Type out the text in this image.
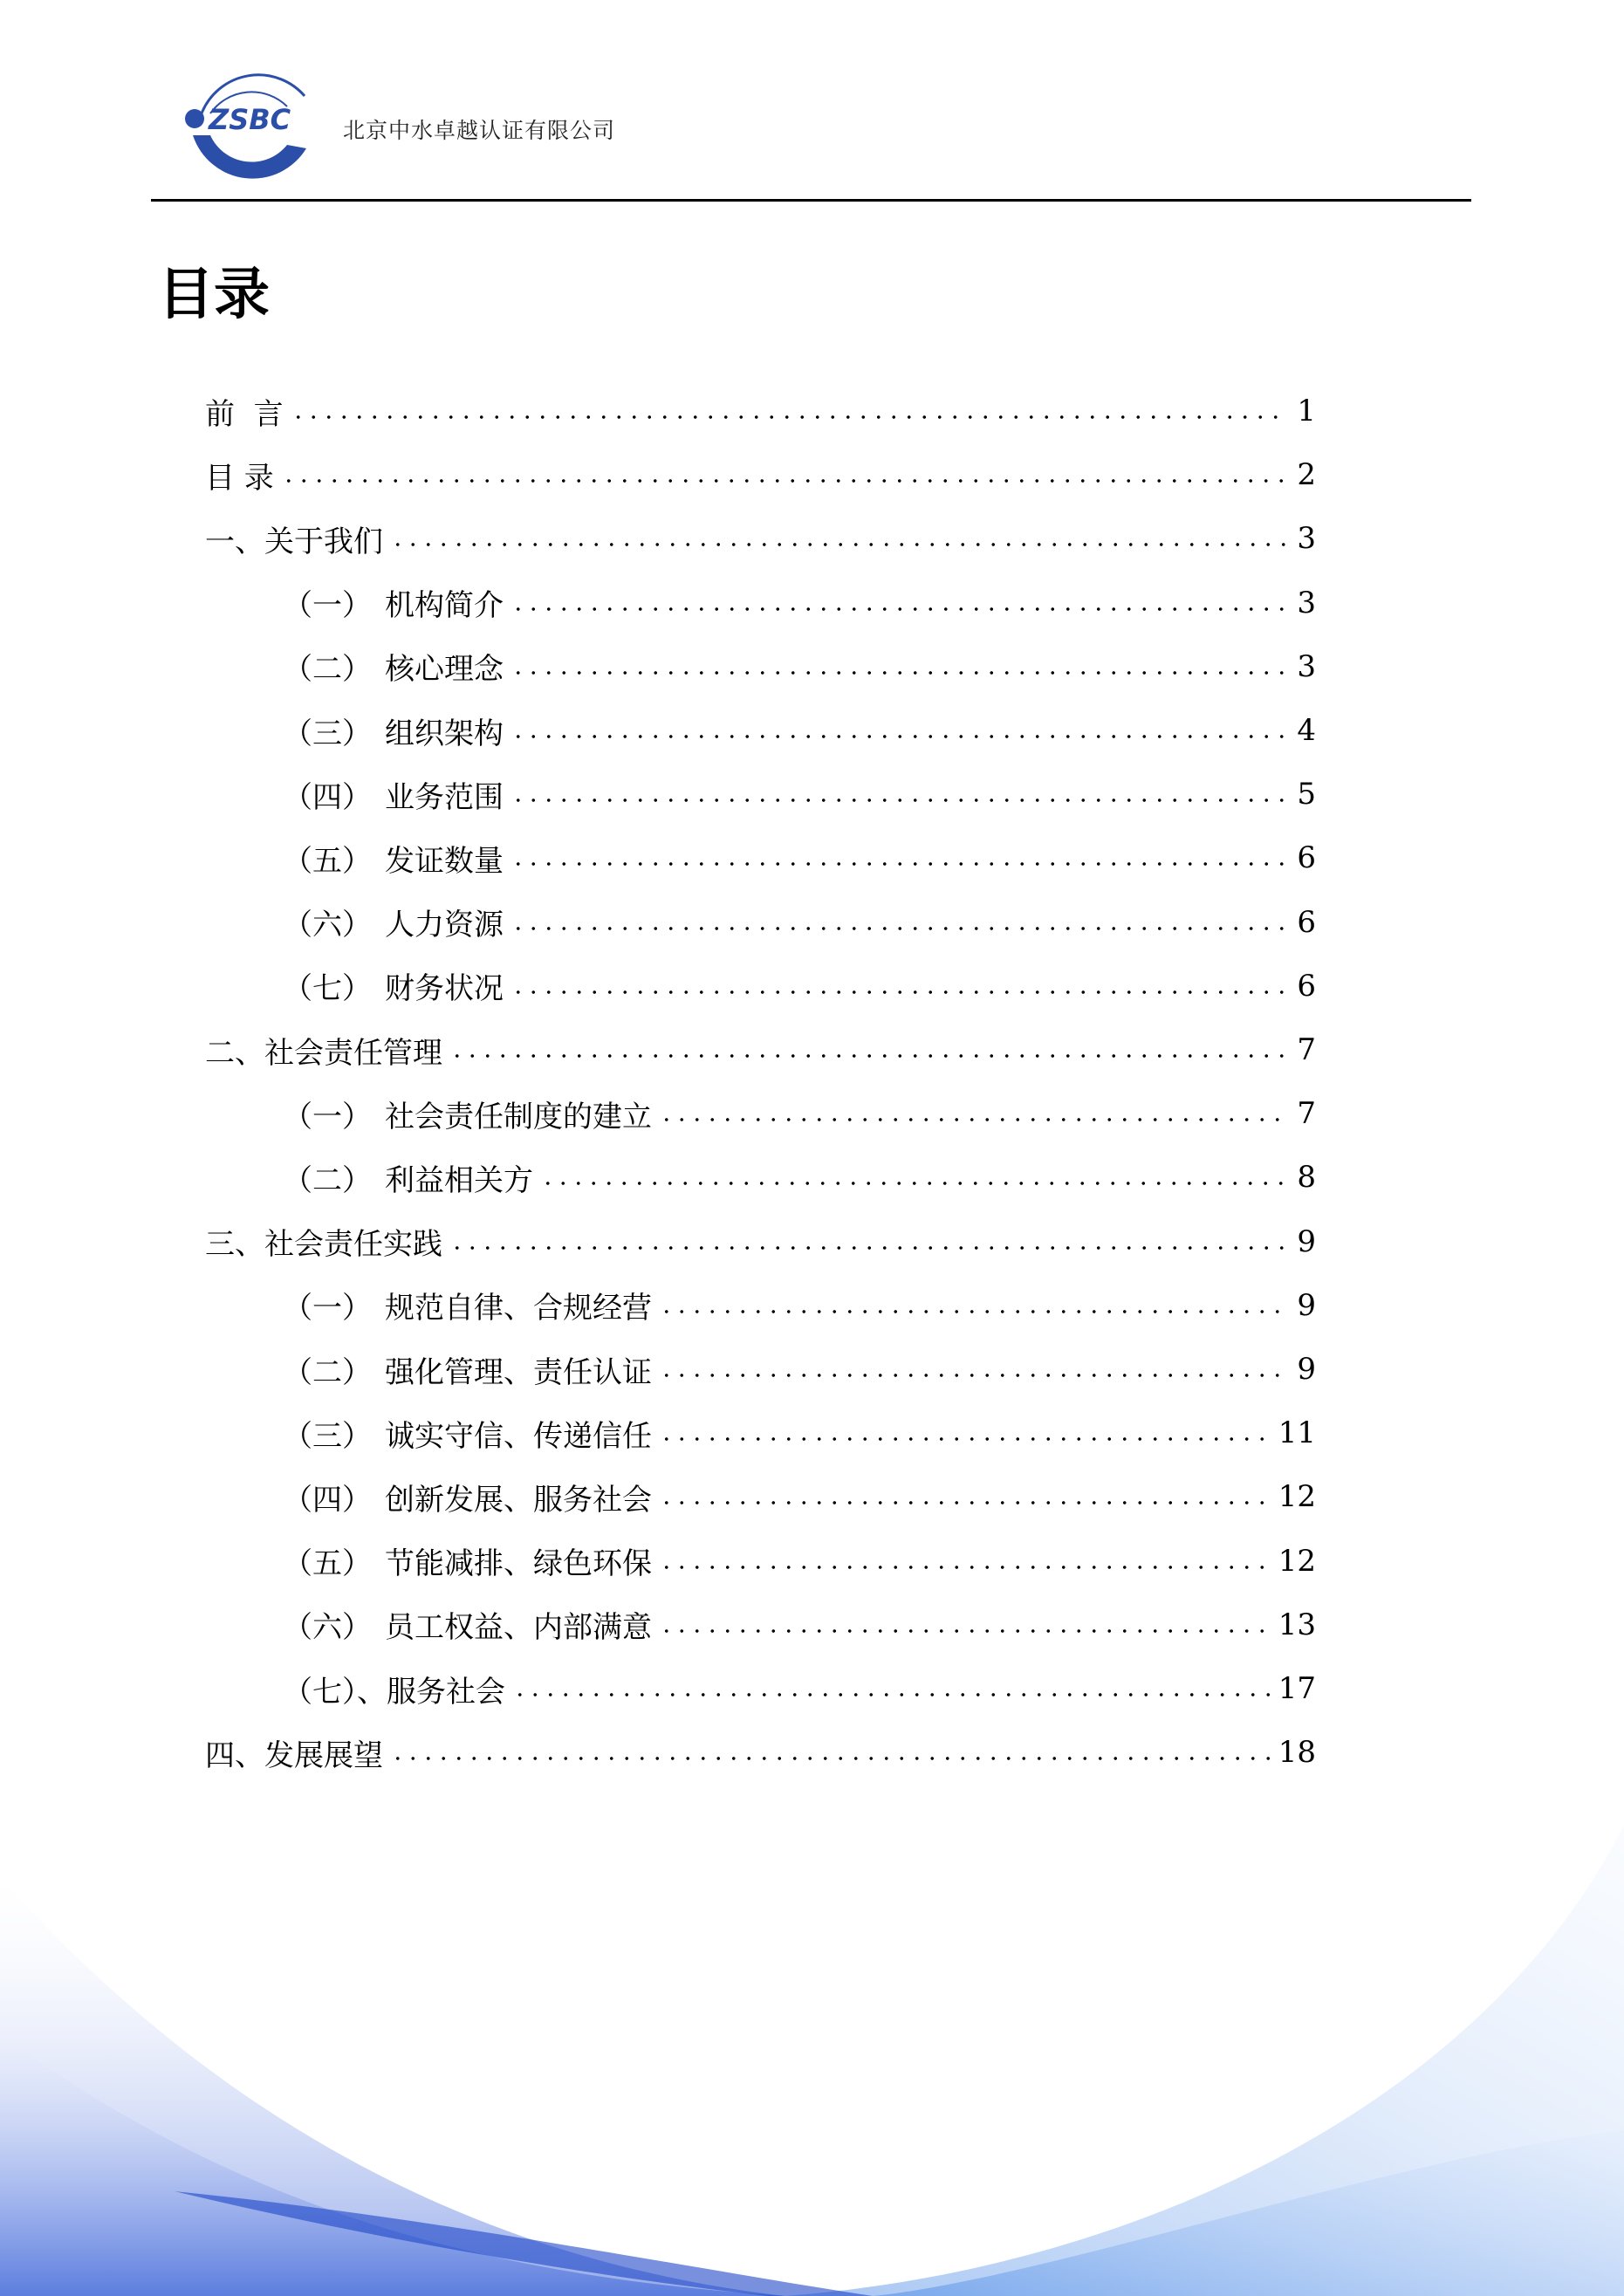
ZSBC 北京中水卓越认证有限公司
目录
前  言	1
目 录	2
一、关于我们	3
（一） 机构简介	3
（二） 核心理念	3
（三） 组织架构	4
（四） 业务范围	5
（五） 发证数量	6
（六） 人力资源	6
（七） 财务状况	6
二、社会责任管理	7
（一） 社会责任制度的建立	7
（二） 利益相关方	8
三、社会责任实践	9
（一） 规范自律、合规经营	9
（二） 强化管理、责任认证	9
（三） 诚实守信、传递信任	11
（四） 创新发展、服务社会	12
（五） 节能减排、绿色环保	12
（六） 员工权益、内部满意	13
（七）、服务社会	17
四、发展展望	18
